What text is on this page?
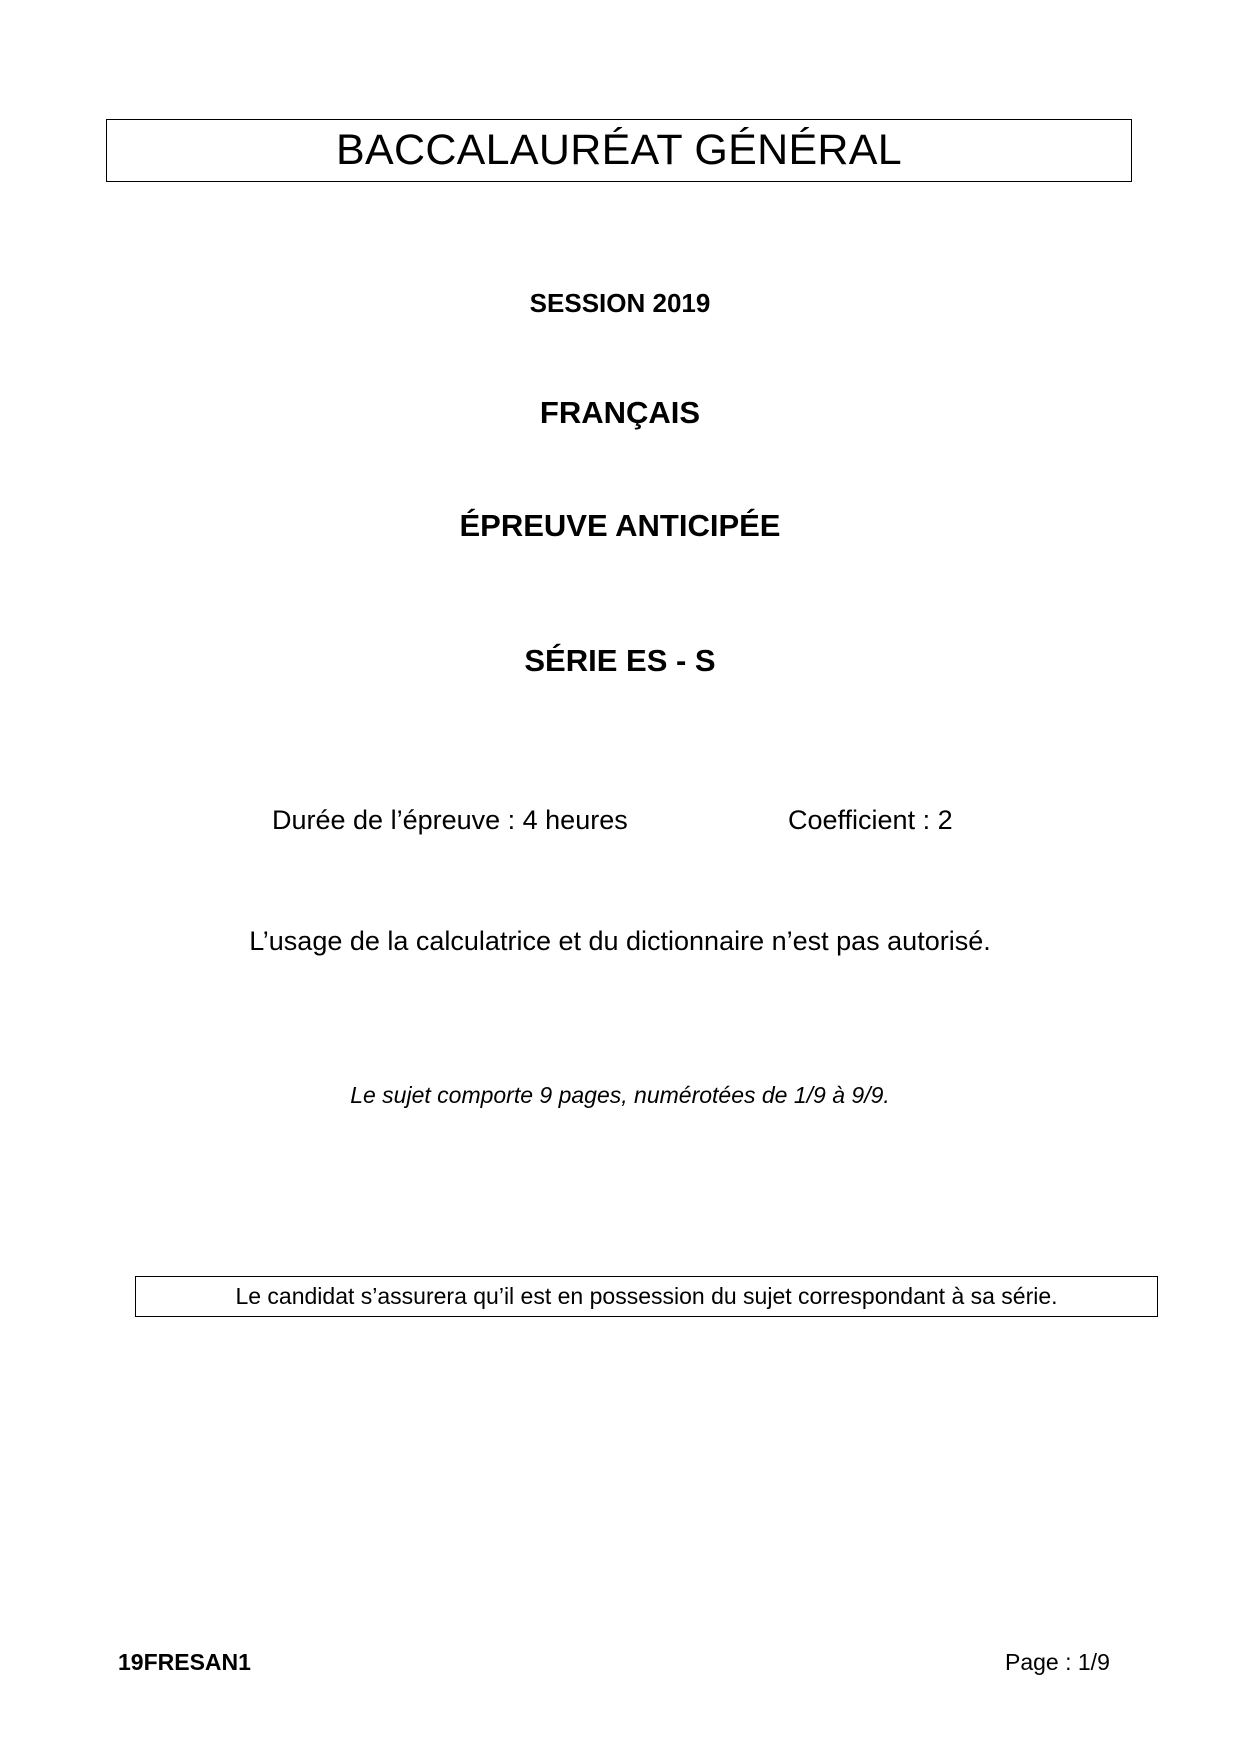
BACCALAURÉAT GÉNÉRAL
SESSION 2019
FRANÇAIS
ÉPREUVE ANTICIPÉE
SÉRIE ES - S
Durée de l’épreuve : 4 heures	Coefficient : 2
L’usage de la calculatrice et du dictionnaire n’est pas autorisé.
Le sujet comporte 9 pages, numérotées de 1/9 à 9/9.
Le candidat s’assurera qu’il est en possession du sujet correspondant à sa série.
19FRESAN1	Page : 1/9
